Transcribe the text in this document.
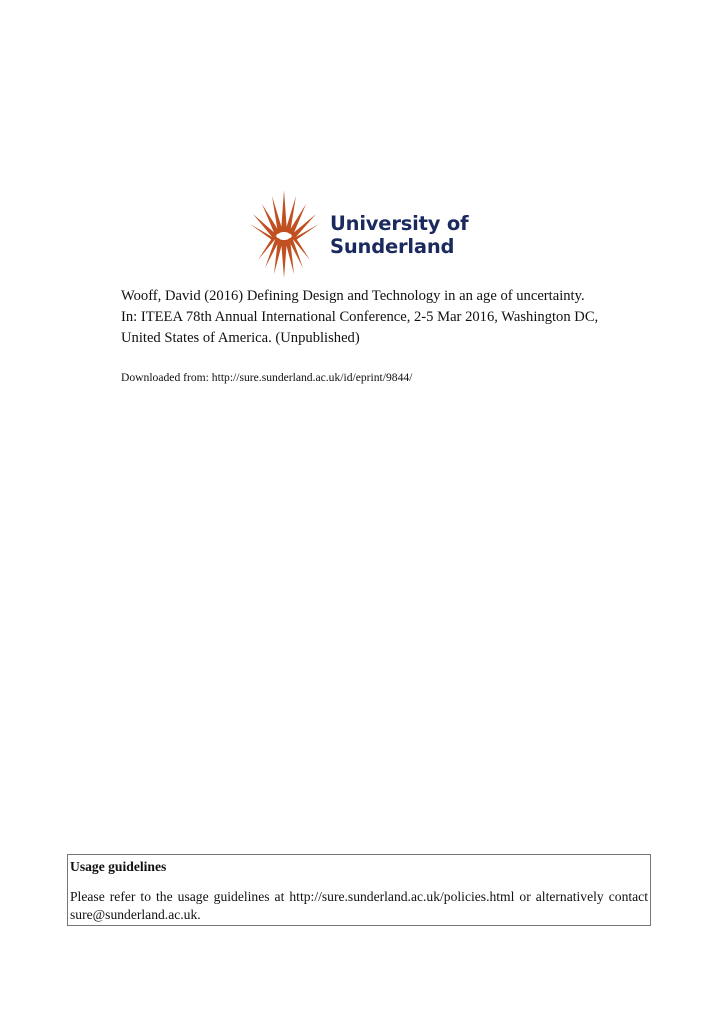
University of
Sunderland
Wooff, David (2016) Defining Design and Technology in an age of uncertainty.
In: ITEEA 78th Annual International Conference, 2-5 Mar 2016, Washington DC,
United States of America. (Unpublished)
Downloaded from: http://sure.sunderland.ac.uk/id/eprint/9844/

Usage guidelines

Please refer to the usage guidelines at http://sure.sunderland.ac.uk/policies.html or alternatively contact sure@sunderland.ac.uk.
